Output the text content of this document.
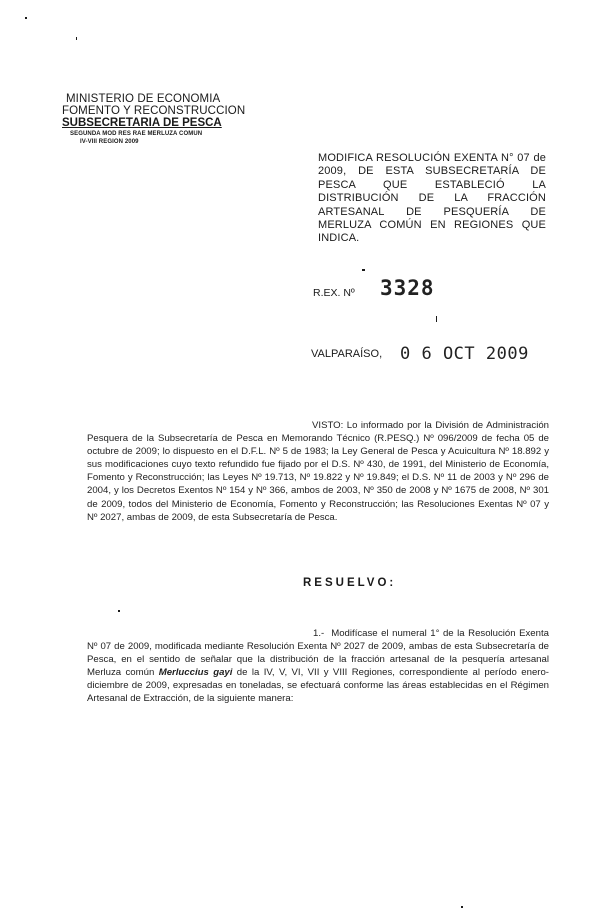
MINISTERIO DE ECONOMIA
FOMENTO Y RECONSTRUCCION
SUBSECRETARIA DE PESCA
SEGUNDA MOD RES RAE MERLUZA COMUN
IV-VIII REGION 2009
MODIFICA RESOLUCIÓN EXENTA N° 07 de 2009, DE ESTA SUBSECRETARÍA DE PESCA QUE ESTABLECIÓ LA DISTRIBUCIÓN DE LA FRACCIÓN ARTESANAL DE PESQUERÍA DE MERLUZA COMÚN EN REGIONES QUE INDICA.
R.EX. Nº 3328
VALPARAÍSO, 0 6 OCT 2009
VISTO: Lo informado por la División de Administración Pesquera de la Subsecretaría de Pesca en Memorando Técnico (R.PESQ.) Nº 096/2009 de fecha 05 de octubre de 2009; lo dispuesto en el D.F.L. Nº 5 de 1983; la Ley General de Pesca y Acuicultura Nº 18.892 y sus modificaciones cuyo texto refundido fue fijado por el D.S. Nº 430, de 1991, del Ministerio de Economía, Fomento y Reconstrucción; las Leyes Nº 19.713, Nº 19.822 y Nº 19.849; el D.S. Nº 11 de 2003 y Nº 296 de 2004, y los Decretos Exentos Nº 154 y Nº 366, ambos de 2003, Nº 350 de 2008 y Nº 1675 de 2008, Nº 301 de 2009, todos del Ministerio de Economía, Fomento y Reconstrucción; las Resoluciones Exentas Nº 07 y Nº 2027, ambas de 2009, de esta Subsecretaría de Pesca.
RESUELVO:
1.- Modifícase el numeral 1° de la Resolución Exenta Nº 07 de 2009, modificada mediante Resolución Exenta Nº 2027 de 2009, ambas de esta Subsecretaría de Pesca, en el sentido de señalar que la distribución de la fracción artesanal de la pesquería artesanal Merluza común Merluccius gayi de la IV, V, VI, VII y VIII Regiones, correspondiente al período enero-diciembre de 2009, expresadas en toneladas, se efectuará conforme las áreas establecidas en el Régimen Artesanal de Extracción, de la siguiente manera:
